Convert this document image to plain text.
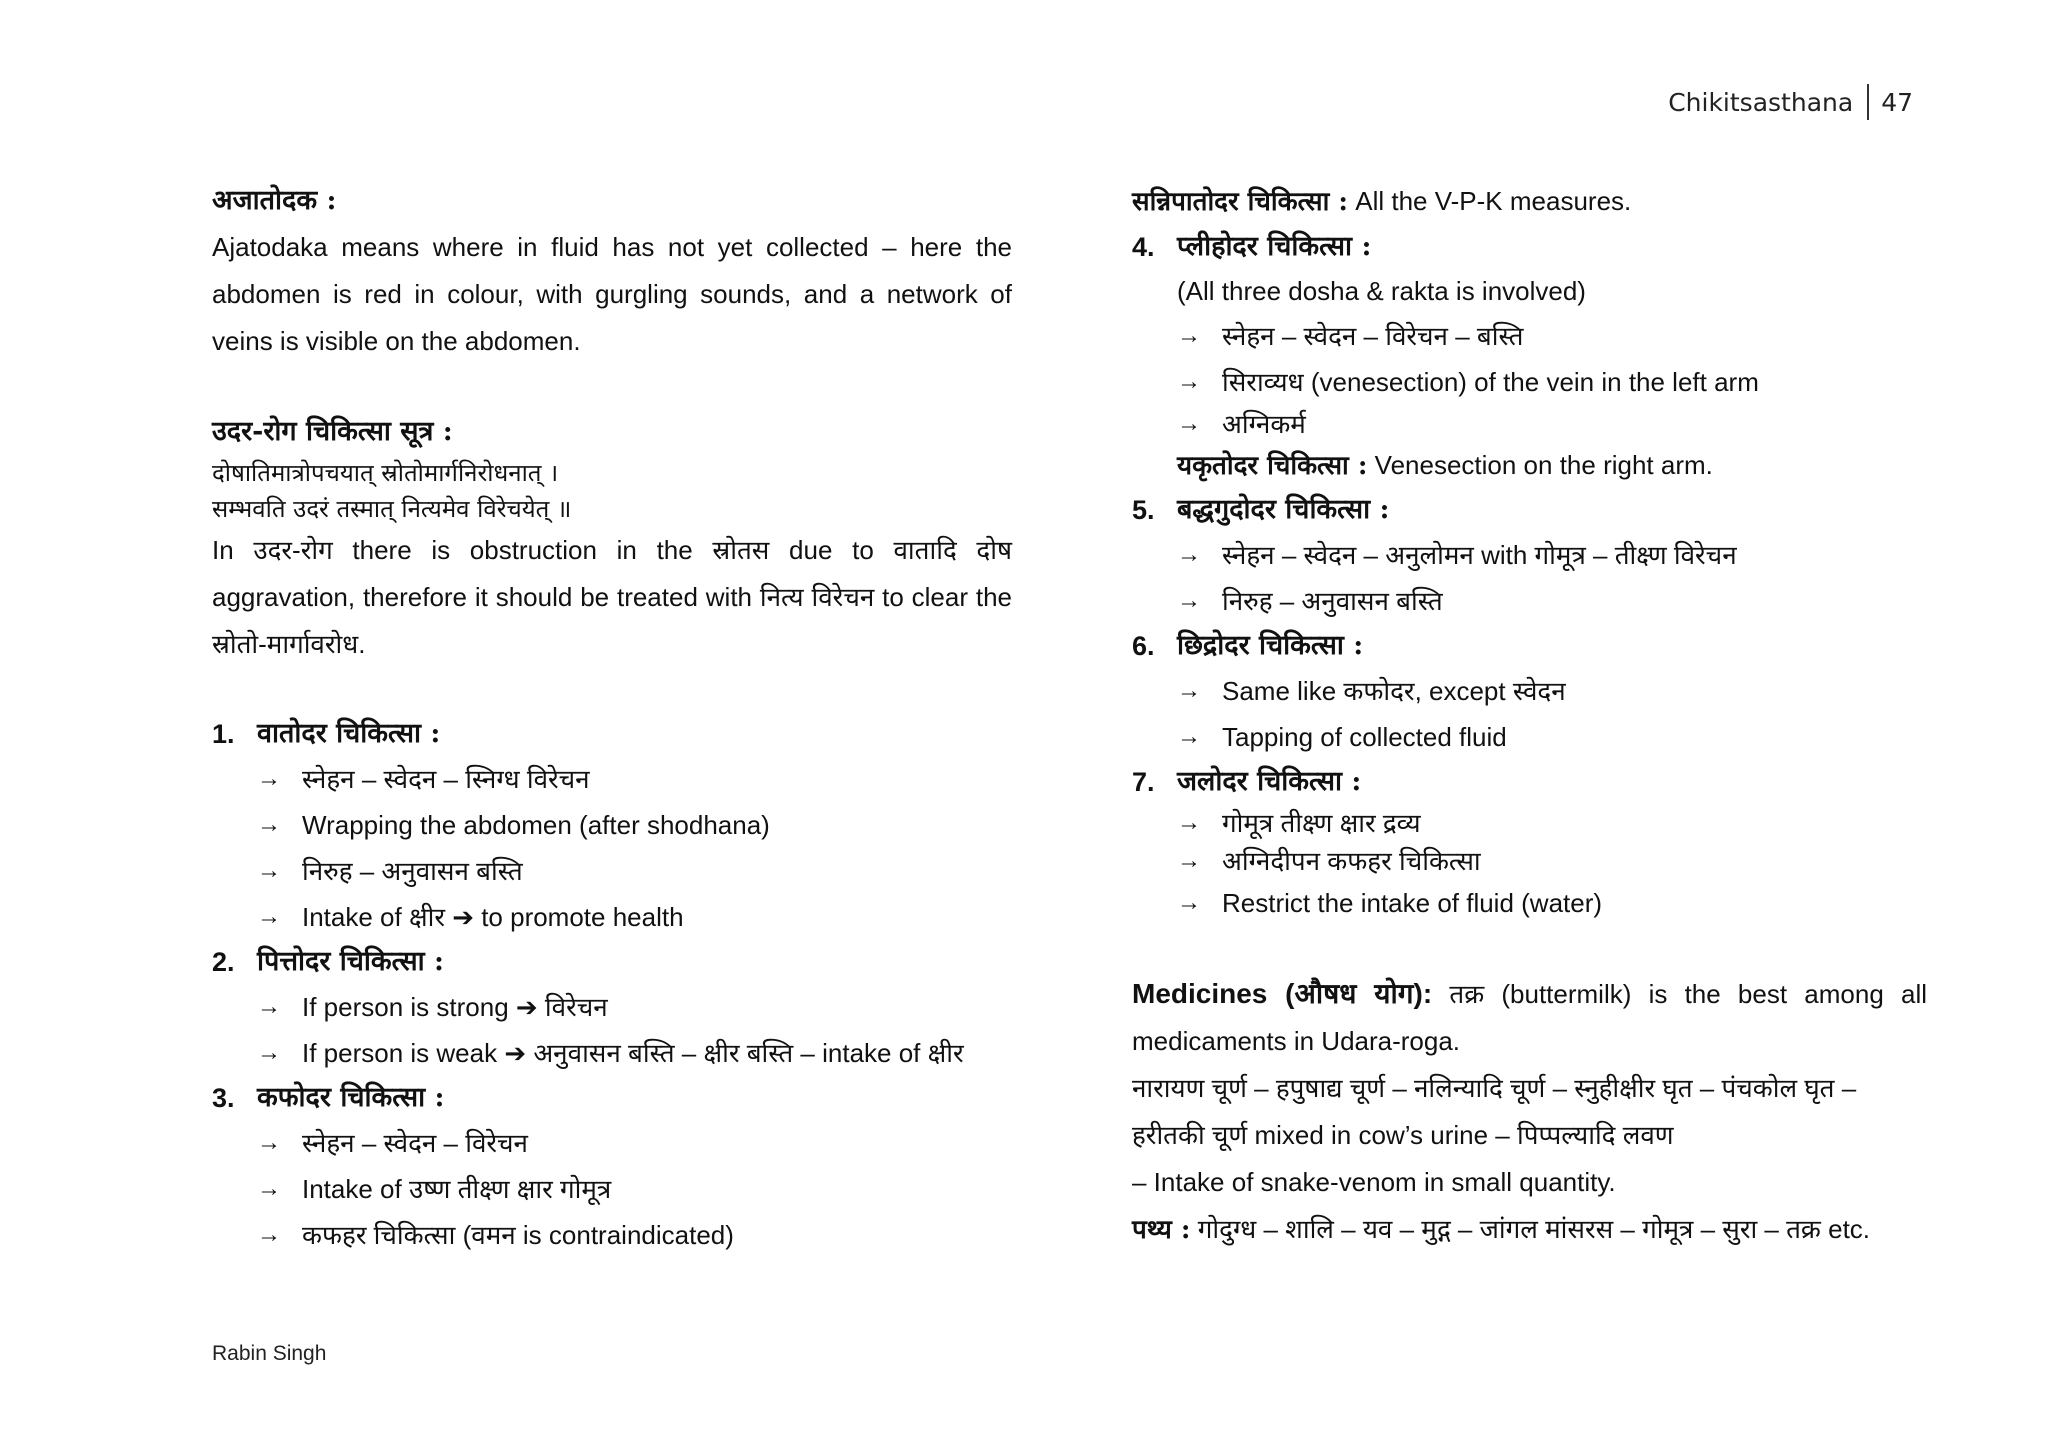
Chikitsasthana 47
अजातोदक :
Ajatodaka means where in fluid has not yet collected – here the abdomen is red in colour, with gurgling sounds, and a network of veins is visible on the abdomen.
उदर-रोग चिकित्सा सूत्र :
दोषातिमात्रोपचयात् स्रोतोमार्गनिरोधनात् ।
सम्भवति उदरं तस्मात् नित्यमेव विरेचयेत् ॥
In उदर-रोग there is obstruction in the स्रोतस due to वातादि दोष aggravation, therefore it should be treated with नित्य विरेचन to clear the स्रोतो-मार्गावरोध.
1. वातोदर चिकित्सा :
→ स्नेहन – स्वेदन – स्निग्ध विरेचन
→ Wrapping the abdomen (after shodhana)
→ निरुह – अनुवासन बस्ति
→ Intake of क्षीर ➔ to promote health
2. पित्तोदर चिकित्सा :
→ If person is strong ➔ विरेचन
→ If person is weak ➔ अनुवासन बस्ति – क्षीर बस्ति – intake of क्षीर
3. कफोदर चिकित्सा :
→ स्नेहन – स्वेदन – विरेचन
→ Intake of उष्ण तीक्ष्ण क्षार गोमूत्र
→ कफहर चिकित्सा (वमन is contraindicated)
सन्निपातोदर चिकित्सा : All the V-P-K measures.
4. प्लीहोदर चिकित्सा :
(All three dosha & rakta is involved)
→ स्नेहन – स्वेदन – विरेचन – बस्ति
→ सिराव्यध (venesection) of the vein in the left arm
→ अग्निकर्म
यकृतोदर चिकित्सा : Venesection on the right arm.
5. बद्धगुदोदर चिकित्सा :
→ स्नेहन – स्वेदन – अनुलोमन with गोमूत्र – तीक्ष्ण विरेचन
→ निरुह – अनुवासन बस्ति
6. छिद्रोदर चिकित्सा :
→ Same like कफोदर, except स्वेदन
→ Tapping of collected fluid
7. जलोदर चिकित्सा :
→ गोमूत्र तीक्ष्ण क्षार द्रव्य
→ अग्निदीपन कफहर चिकित्सा
→ Restrict the intake of fluid (water)
Medicines (औषध योग): तक्र (buttermilk) is the best among all medicaments in Udara-roga.
नारायण चूर्ण – हपुषाद्य चूर्ण – नलिन्यादि चूर्ण – स्नुहीक्षीर घृत – पंचकोल घृत – हरीतकी चूर्ण mixed in cow’s urine – पिप्पल्यादि लवण
– Intake of snake-venom in small quantity.
पथ्य : गोदुग्ध – शालि – यव – मुद्ग – जांगल मांसरस – गोमूत्र – सुरा – तक्र etc.
Rabin Singh
